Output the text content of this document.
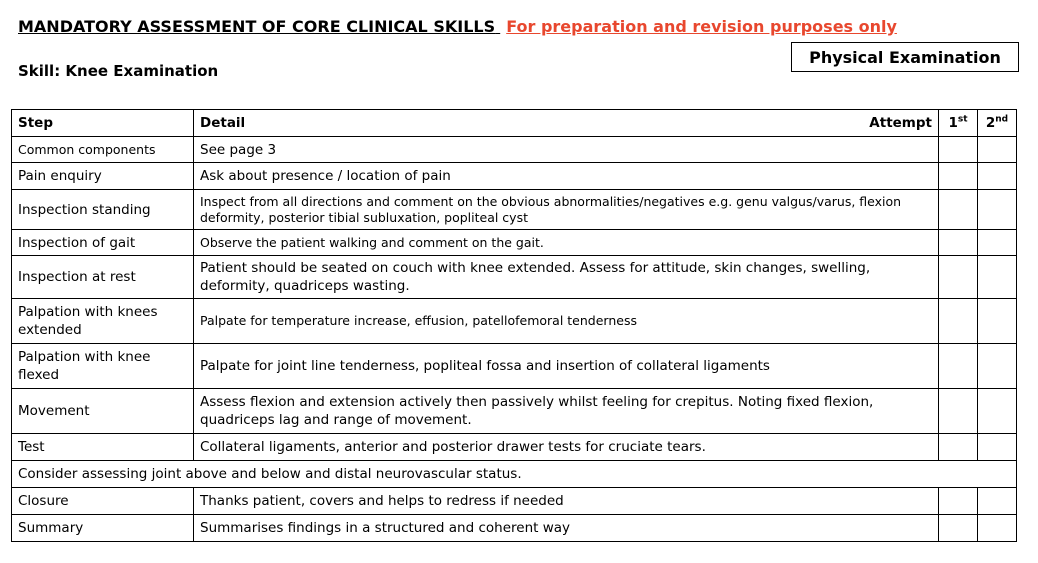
MANDATORY ASSESSMENT OF CORE CLINICAL SKILLS For preparation and revision purposes only
Skill: Knee Examination
Physical Examination
Step	Detail Attempt	1st	2nd
Common components	See page 3		
Pain enquiry	Ask about presence / location of pain		
Inspection standing	Inspect from all directions and comment on the obvious abnormalities/negatives e.g. genu valgus/varus, flexion deformity, posterior tibial subluxation, popliteal cyst		
Inspection of gait	Observe the patient walking and comment on the gait.		
Inspection at rest	Patient should be seated on couch with knee extended. Assess for attitude, skin changes, swelling, deformity, quadriceps wasting.		
Palpation with knees extended	Palpate for temperature increase, effusion, patellofemoral tenderness		
Palpation with knee flexed	Palpate for joint line tenderness, popliteal fossa and insertion of collateral ligaments		
Movement	Assess flexion and extension actively then passively whilst feeling for crepitus. Noting fixed flexion, quadriceps lag and range of movement.		
Test	Collateral ligaments, anterior and posterior drawer tests for cruciate tears.		
Consider assessing joint above and below and distal neurovascular status.			
Closure	Thanks patient, covers and helps to redress if needed		
Summary	Summarises findings in a structured and coherent way		
